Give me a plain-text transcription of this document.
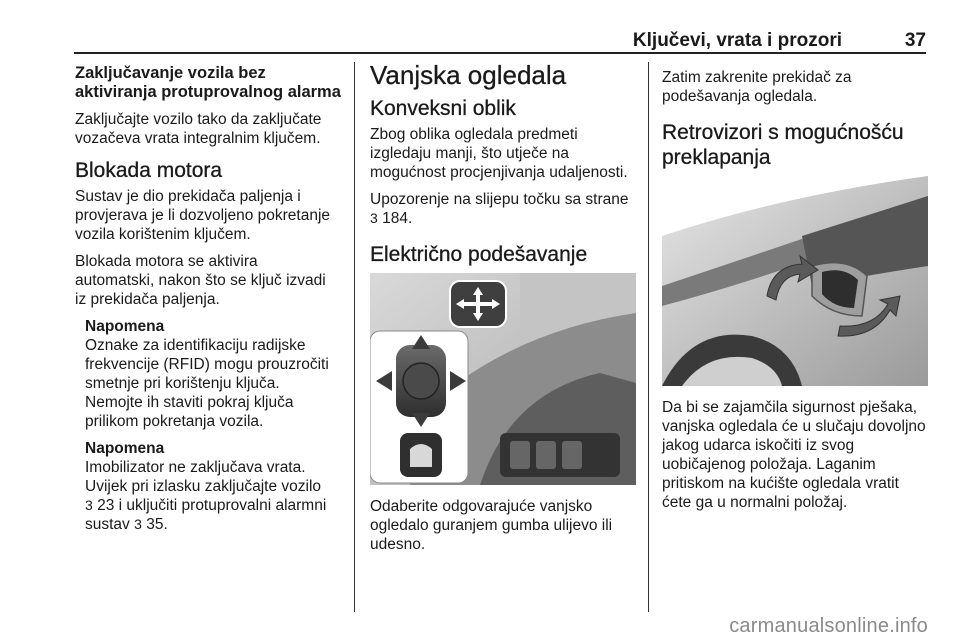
Ključevi, vrata i prozori	37
Zaključavanje vozila bez aktiviranja protuprovalnog alarma
Zaključajte vozilo tako da zaključate vozačeva vrata integralnim ključem.
Blokada motora
Sustav je dio prekidača paljenja i provjerava je li dozvoljeno pokretanje vozila korištenim ključem.
Blokada motora se aktivira automatski, nakon što se ključ izvadi iz prekidača paljenja.
Napomena
Oznake za identifikaciju radijske frekvencije (RFID) mogu prouzročiti smetnje pri korištenju ključa. Nemojte ih staviti pokraj ključa prilikom pokretanja vozila.
Napomena
Imobilizator ne zaključava vrata. Uvijek pri izlasku zaključajte vozilo
3 23 i uključiti protuprovalni alarmni sustav 3 35.
Vanjska ogledala
Konveksni oblik
Zbog oblika ogledala predmeti izgledaju manji, što utječe na mogućnost procjenjivanja udaljenosti.
Upozorenje na slijepu točku sa strane
3 184.
Električno podešavanje
Odaberite odgovarajuće vanjsko ogledalo guranjem gumba ulijevo ili udesno.
Zatim zakrenite prekidač za podešavanja ogledala.
Retrovizori s mogućnošću preklapanja
Da bi se zajamčila sigurnost pješaka, vanjska ogledala će u slučaju dovoljno jakog udarca iskočiti iz svog uobičajenog položaja. Laganim pritiskom na kućište ogledala vratit ćete ga u normalni položaj.
carmanualsonline.info
